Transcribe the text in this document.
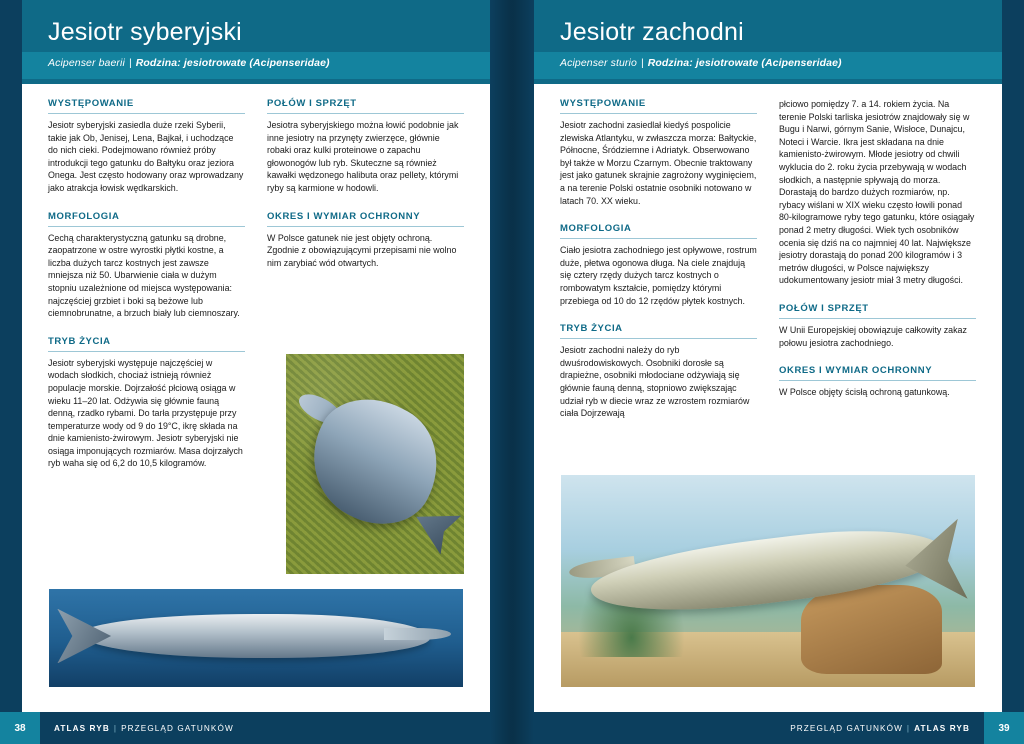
Jesiotr syberyjski
Acipenser baerii | Rodzina: jesiotrowate (Acipenseridae)
WYSTĘPOWANIE

Jesiotr syberyjski zasiedla duże rzeki Syberii, takie jak Ob, Jenisej, Lena, Bajkał, i uchodzące do nich cieki. Podejmowano również próby introdukcji tego gatunku do Bałtyku oraz jeziora Onega. Jest często hodowany oraz wprowadzany jako atrakcja łowisk wędkarskich.

MORFOLOGIA

Cechą charakterystyczną gatunku są drobne, zaopatrzone w ostre wyrostki płytki kostne, a liczba dużych tarcz kostnych jest zawsze mniejsza niż 50. Ubarwienie ciała w dużym stopniu uzależnione od miejsca występowania: najczęściej grzbiet i boki są beżowe lub ciemnobrunatne, a brzuch biały lub ciemnoszary.

TRYB ŻYCIA

Jesiotr syberyjski występuje najczęściej w wodach słodkich, chociaż istnieją również populacje morskie. Dojrzałość płciową osiąga w wieku 11–20 lat. Odżywia się głównie fauną denną, rzadko rybami. Do tarła przystępuje przy temperaturze wody od 9 do 19°C, ikrę składa na dnie kamienisto-żwirowym. Jesiotr syberyjski nie osiąga imponujących rozmiarów. Masa dojrzałych ryb waha się od 6,2 do 10,5 kilogramów.

POŁÓW I SPRZĘT

Jesiotra syberyjskiego można łowić podobnie jak inne jesiotry na przynęty zwierzęce, głównie robaki oraz kulki proteinowe o zapachu głowonogów lub ryb. Skuteczne są również kawałki wędzonego halibuta oraz pellety, którymi ryby są karmione w hodowli.

OKRES I WYMIAR OCHRONNY

W Polsce gatunek nie jest objęty ochroną. Zgodnie z obowiązującymi przepisami nie wolno nim zarybiać wód otwartych.

38	ATLAS RYB | PRZEGLĄD GATUNKÓW
Jesiotr zachodni
Acipenser sturio | Rodzina: jesiotrowate (Acipenseridae)
WYSTĘPOWANIE

Jesiotr zachodni zasiedlał kiedyś pospolicie zlewiska Atlantyku, w zwłaszcza morza: Bałtyckie, Północne, Śródziemne i Adriatyk. Obserwowano był także w Morzu Czarnym. Obecnie traktowany jest jako gatunek skrajnie zagrożony wyginięciem, a na terenie Polski ostatnie osobniki notowano w latach 70. XX wieku.

MORFOLOGIA

Ciało jesiotra zachodniego jest opływowe, rostrum duże, płetwa ogonowa długa. Na ciele znajdują się cztery rzędy dużych tarcz kostnych o rombowatym kształcie, pomiędzy którymi przebiega od 10 do 12 rzędów płytek kostnych.

TRYB ŻYCIA

Jesiotr zachodni należy do ryb dwuśrodowiskowych. Osobniki dorosłe są drapieżne, osobniki młodociane odżywiają się głównie fauną denną, stopniowo zwiększając udział ryb w diecie wraz ze wzrostem rozmiarów ciała Dojrzewają

płciowo pomiędzy 7. a 14. rokiem życia. Na terenie Polski tarliska jesiotrów znajdowały się w Bugu i Narwi, górnym Sanie, Wisłoce, Dunajcu, Noteci i Warcie. Ikra jest składana na dnie kamienisto-żwirowym. Młode jesiotry od chwili wyklucia do 2. roku życia przebywają w wodach słodkich, a następnie spływają do morza. Dorastają do bardzo dużych rozmiarów, np. rybacy wiślani w XIX wieku często łowili ponad 80-kilogramowe ryby tego gatunku, które osiągały ponad 2 metry długości. Wiek tych osobników ocenia się dziś na co najmniej 40 lat. Największe jesiotry dorastają do ponad 200 kilogramów i 3 metrów długości, w Polsce największy udokumentowany jesiotr miał 3 metry długości.

POŁÓW I SPRZĘT

W Unii Europejskiej obowiązuje całkowity zakaz połowu jesiotra zachodniego.

OKRES I WYMIAR OCHRONNY

W Polsce objęty ścisłą ochroną gatunkową.

PRZEGLĄD GATUNKÓW | ATLAS RYB	39
